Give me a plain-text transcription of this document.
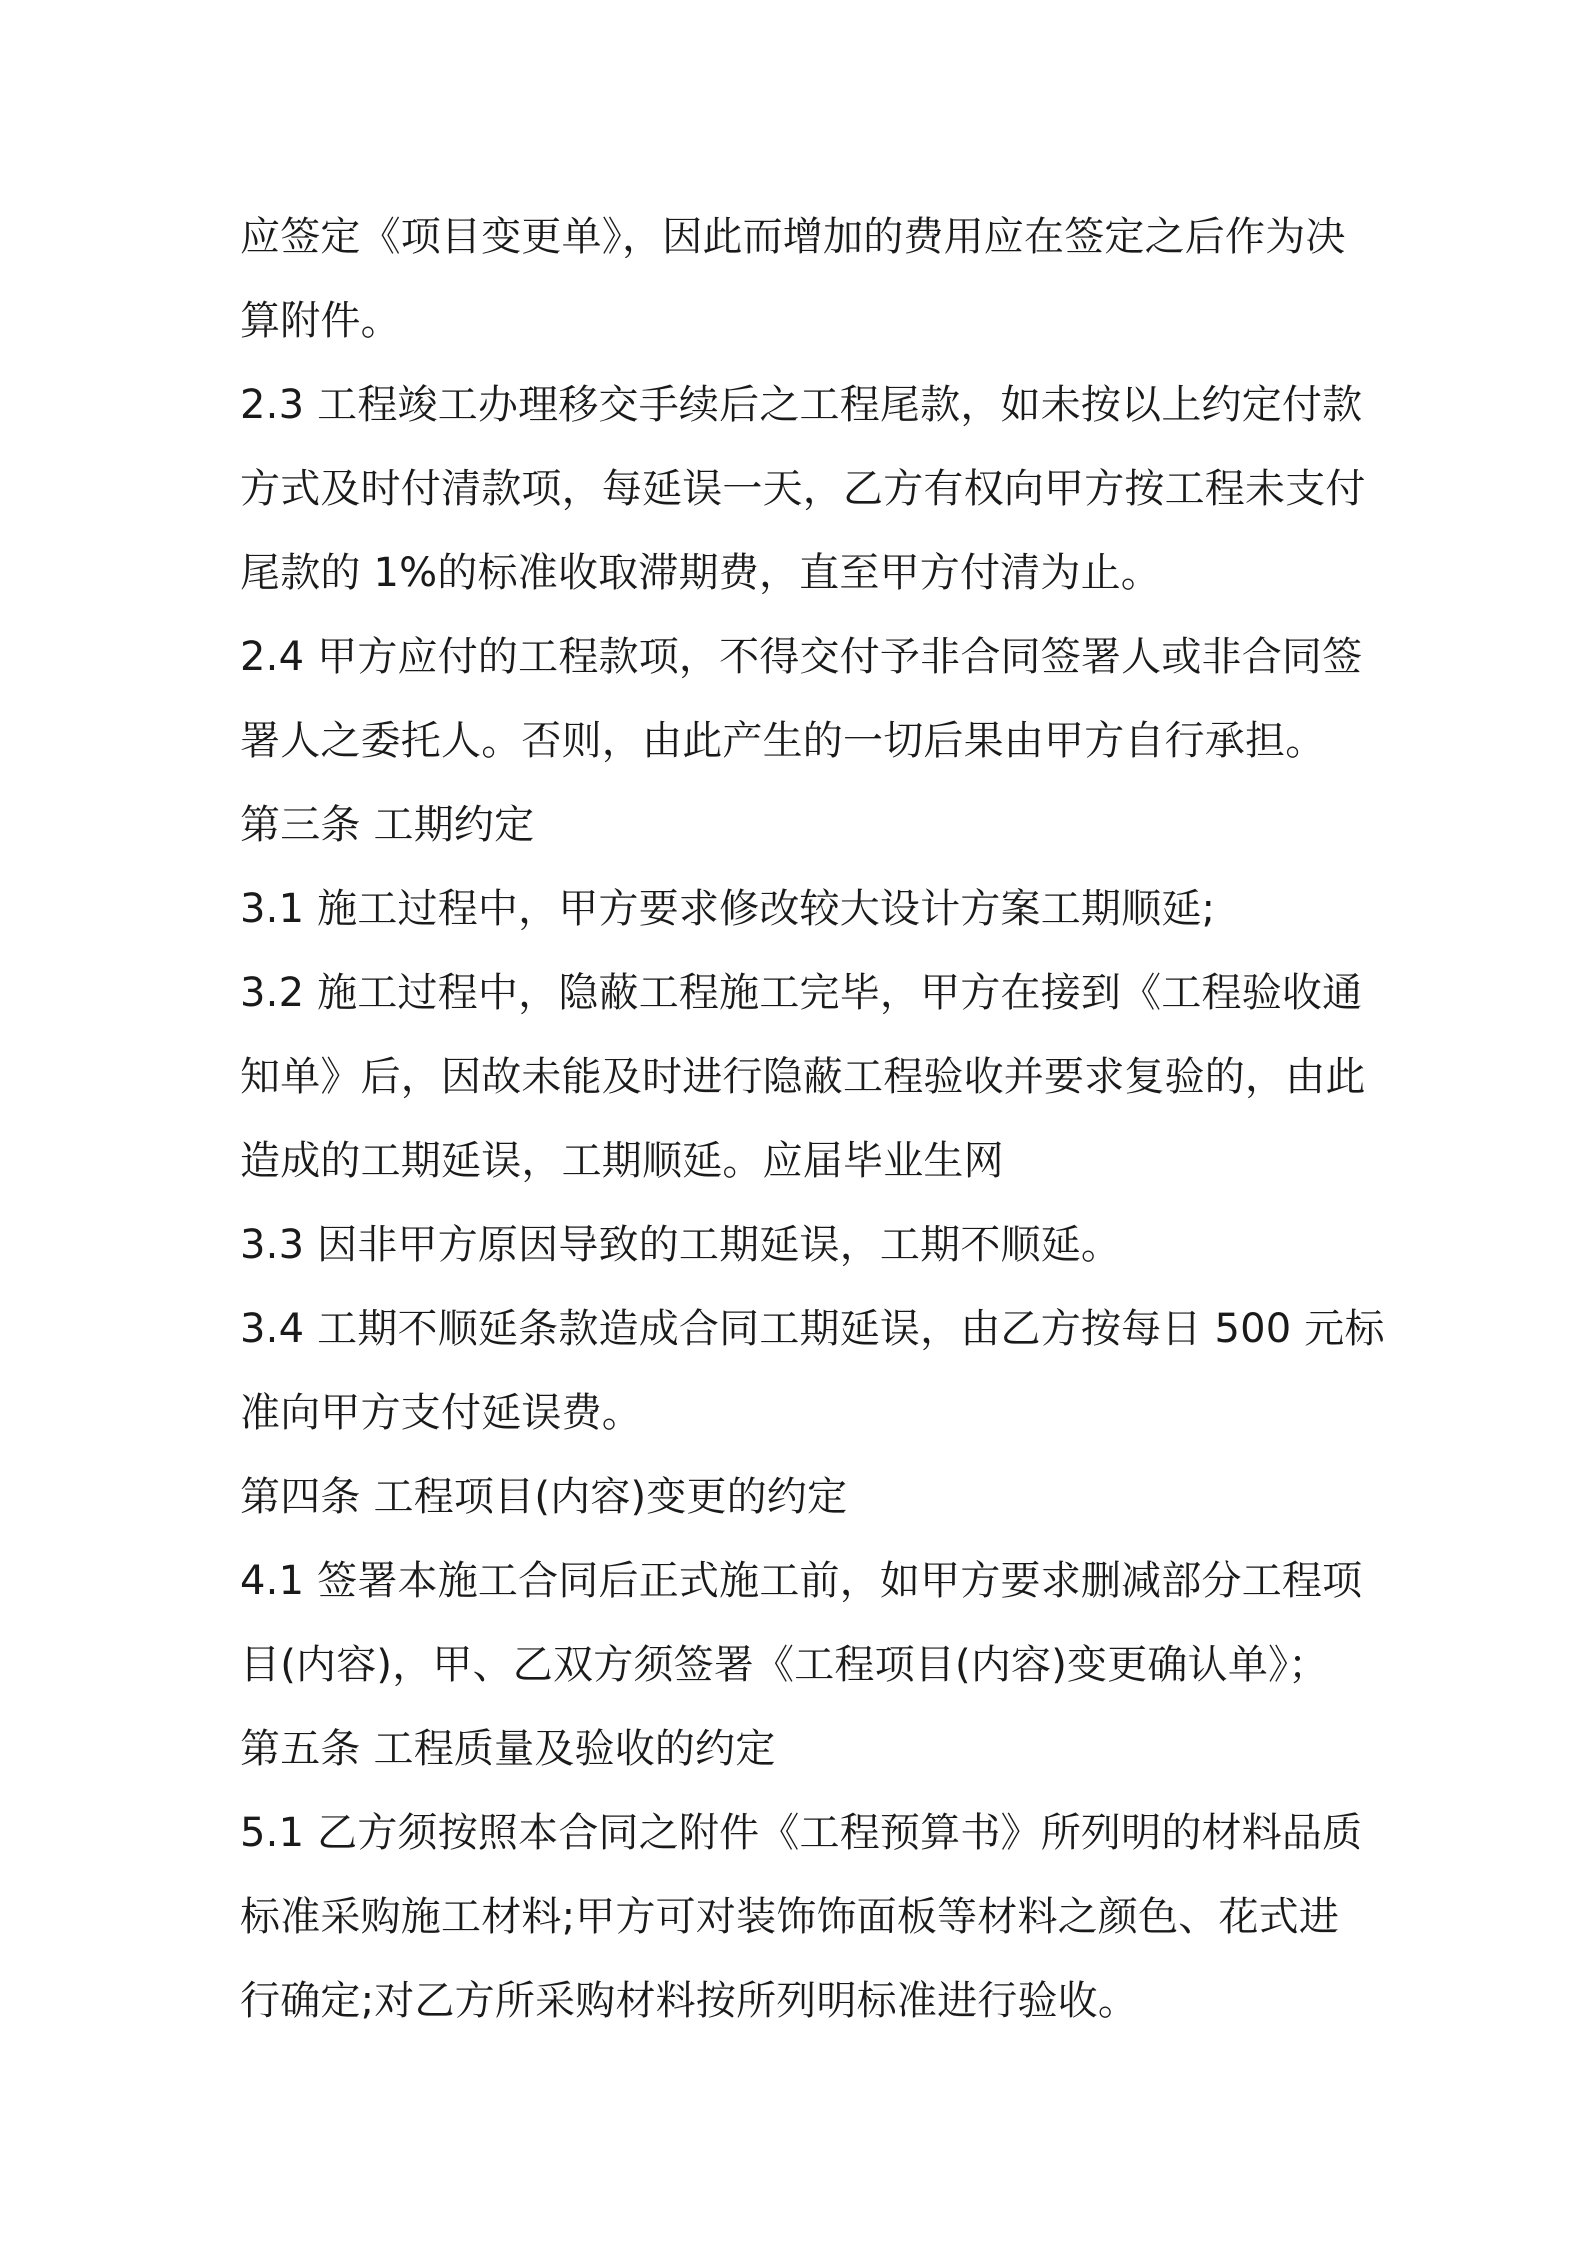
应签定《项目变更单》，因此而增加的费用应在签定之后作为决
算附件。
2.3 工程竣工办理移交手续后之工程尾款，如未按以上约定付款
方式及时付清款项，每延误一天，乙方有权向甲方按工程未支付
尾款的 1%的标准收取滞期费，直至甲方付清为止。
2.4 甲方应付的工程款项，不得交付予非合同签署人或非合同签
署人之委托人。否则，由此产生的一切后果由甲方自行承担。
第三条 工期约定
3.1 施工过程中，甲方要求修改较大设计方案工期顺延;
3.2 施工过程中，隐蔽工程施工完毕，甲方在接到《工程验收通
知单》后，因故未能及时进行隐蔽工程验收并要求复验的，由此
造成的工期延误，工期顺延。应届毕业生网
3.3 因非甲方原因导致的工期延误，工期不顺延。
3.4 工期不顺延条款造成合同工期延误，由乙方按每日 500 元标
准向甲方支付延误费。
第四条 工程项目(内容)变更的约定
4.1 签署本施工合同后正式施工前，如甲方要求删减部分工程项
目(内容)，甲、乙双方须签署《工程项目(内容)变更确认单》；
第五条 工程质量及验收的约定
5.1 乙方须按照本合同之附件《工程预算书》所列明的材料品质
标准采购施工材料;甲方可对装饰饰面板等材料之颜色、花式进
行确定;对乙方所采购材料按所列明标准进行验收。
